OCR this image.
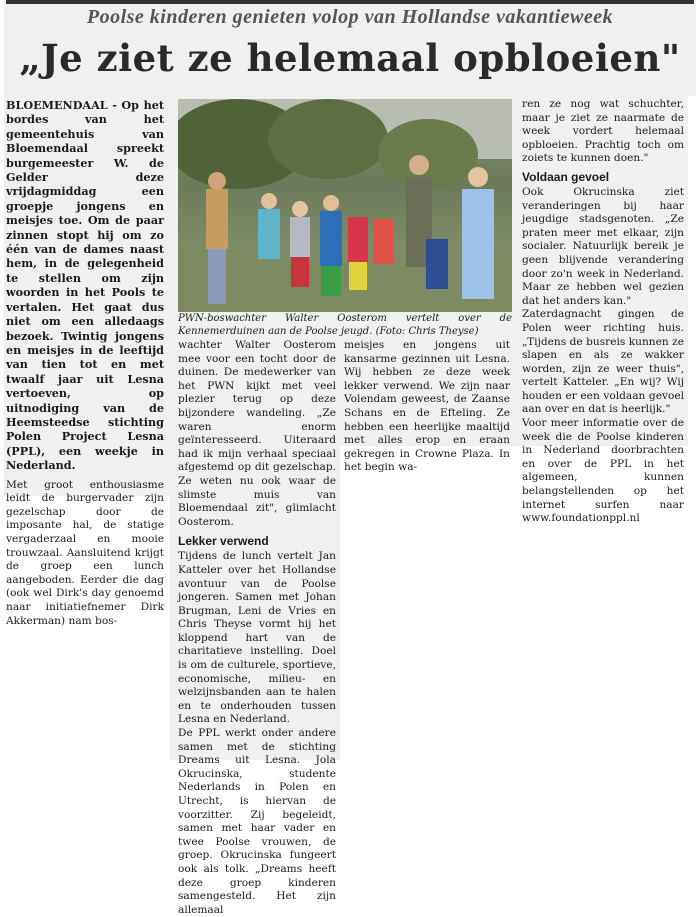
Poolse kinderen genieten volop van Hollandse vakantieweek
„Je ziet ze helemaal opbloeien"

BLOEMENDAAL - Op het bordes van het gemeentehuis van Bloemendaal spreekt burgemeester W. de Gelder deze vrijdagmiddag een groepje jongens en meisjes toe. Om de paar zinnen stopt hij om zo één van de dames naast hem, in de gelegenheid te stellen om zijn woorden in het Pools te vertalen. Het gaat dus niet om een alledaags bezoek. Twintig jongens en meisjes in de leeftijd van tien tot en met twaalf jaar uit Lesna vertoeven, op uitnodiging van de Heemsteedse stichting Polen Project Lesna (PPL), een weekje in Nederland.

Met groot enthousiasme leidt de burgervader zijn gezelschap door de imposante hal, de statige vergaderzaal en mooie trouwzaal. Aansluitend krijgt de groep een lunch aangeboden. Eerder die dag (ook wel Dirk's day genoemd naar initiatiefnemer Dirk Akkerman) nam bos-

PWN-boswachter Walter Oosterom vertelt over de Kennemerduinen aan de Poolse jeugd. (Foto: Chris Theyse)

wachter Walter Oosterom mee voor een tocht door de duinen. De medewerker van het PWN kijkt met veel plezier terug op deze bijzondere wandeling. „Ze waren enorm geïnteresseerd. Uiteraard had ik mijn verhaal speciaal afgestemd op dit gezelschap. Ze weten nu ook waar de slimste muis van Bloemendaal zit", glimlacht Oosterom.

Lekker verwend

Tijdens de lunch vertelt Jan Katteler over het Hollandse avontuur van de Poolse jongeren. Samen met Johan Brugman, Leni de Vries en Chris Theyse vormt hij het kloppend hart van de charitatieve instelling. Doel is om de culturele, sportieve, economische, milieu- en welzijnsbanden aan te halen en te onderhouden tussen Lesna en Nederland.

De PPL werkt onder andere samen met de stichting Dreams uit Lesna. Jola Okrucinska, studente Nederlands in Polen en Utrecht, is hiervan de voorzitter. Zij begeleidt, samen met haar vader en twee Poolse vrouwen, de groep. Okrucinska fungeert ook als tolk. „Dreams heeft deze groep kinderen samengesteld. Het zijn allemaal

meisjes en jongens uit kansarme gezinnen uit Lesna. Wij hebben ze deze week lekker verwend. We zijn naar Volendam geweest, de Zaanse Schans en de Efteling. Ze hebben een heerlijke maaltijd met alles erop en eraan gekregen in Crowne Plaza. In het begin wa-

ren ze nog wat schuchter, maar je ziet ze naarmate de week vordert helemaal opbloeien. Prachtig toch om zoiets te kunnen doen."

Voldaan gevoel

Ook Okrucinska ziet veranderingen bij haar jeugdige stadsgenoten. „Ze praten meer met elkaar, zijn socialer. Natuurlijk bereik je geen blijvende verandering door zo'n week in Nederland. Maar ze hebben wel gezien dat het anders kan."

Zaterdagnacht gingen de Polen weer richting huis. „Tijdens de busreis kunnen ze slapen en als ze wakker worden, zijn ze weer thuis", vertelt Katteler. „En wij? Wij houden er een voldaan gevoel aan over en dat is heerlijk."

Voor meer informatie over de week die de Poolse kinderen in Nederland doorbrachten en over de PPL in het algemeen, kunnen belangstellenden op het internet surfen naar www.foundationppl.nl
